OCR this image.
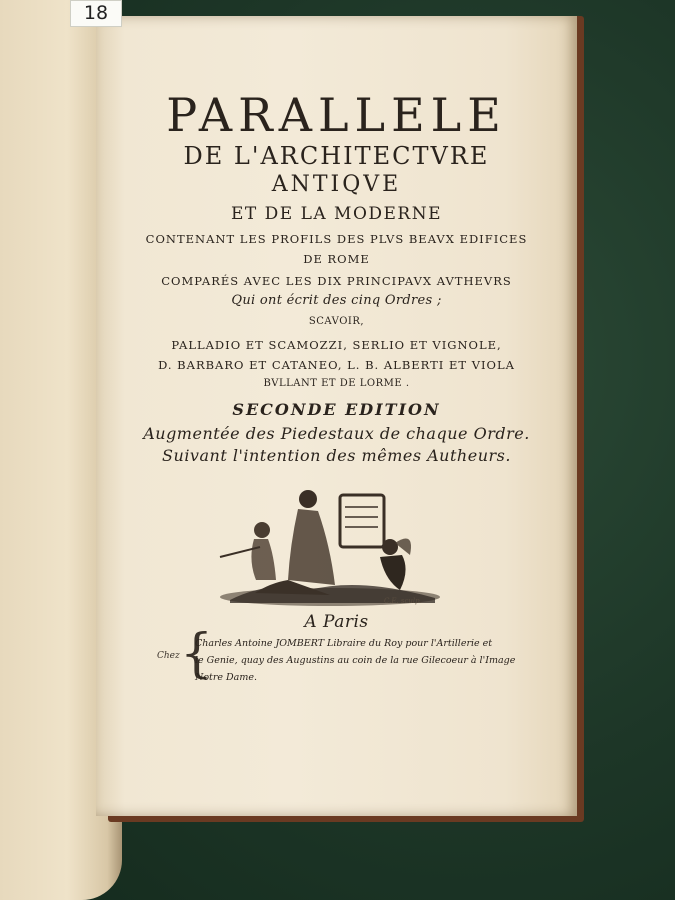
18
PARALLELE
DE L'ARCHITECTVRE
ANTIQVE
ET DE LA MODERNE
CONTENANT LES PROFILS DES PLVS BEAVX EDIFICES
DE ROME
COMPARÉS AVEC LES DIX PRINCIPAVX AVTHEVRS
Qui ont écrit des cinq Ordres ;
SCAVOIR,
PALLADIO ET SCAMOZZI, SERLIO ET VIGNOLE,
D. BARBARO ET CATANEO, L. B. ALBERTI ET VIOLA
BVLLANT ET DE LORME .
SECONDE EDITION
Augmentée des Piedestaux de chaque Ordre.
Suivant l'intention des mêmes Autheurs.
C.E. sculp.
A Paris
Chez {
Charles Antoine JOMBERT Libraire du Roy pour l'Artillerie et
le Genie, quay des Augustins au coin de la rue Gilecoeur à l'Image
Notre Dame.
